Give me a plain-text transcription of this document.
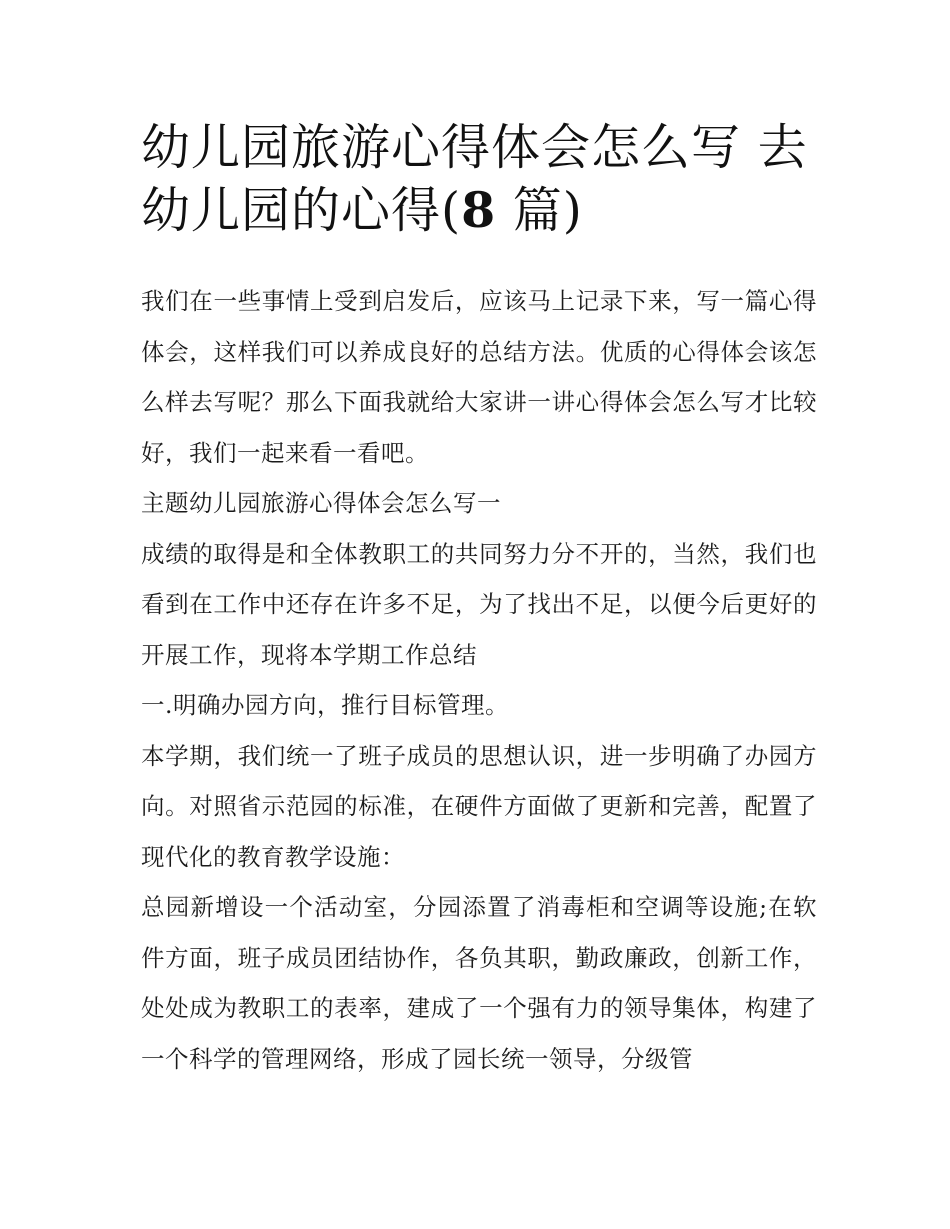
幼儿园旅游心得体会怎么写 去幼儿园的心得(8 篇)

我们在一些事情上受到启发后，应该马上记录下来，写一篇心得体会，这样我们可以养成良好的总结方法。优质的心得体会该怎么样去写呢？那么下面我就给大家讲一讲心得体会怎么写才比较好，我们一起来看一看吧。

主题幼儿园旅游心得体会怎么写一

成绩的取得是和全体教职工的共同努力分不开的，当然，我们也看到在工作中还存在许多不足，为了找出不足，以便今后更好的开展工作，现将本学期工作总结

一.明确办园方向，推行目标管理。

本学期，我们统一了班子成员的思想认识，进一步明确了办园方向。对照省示范园的标准，在硬件方面做了更新和完善，配置了现代化的教育教学设施：

总园新增设一个活动室，分园添置了消毒柜和空调等设施;在软件方面，班子成员团结协作，各负其职，勤政廉政，创新工作，处处成为教职工的表率，建成了一个强有力的领导集体，构建了一个科学的管理网络，形成了园长统一领导，分级管
